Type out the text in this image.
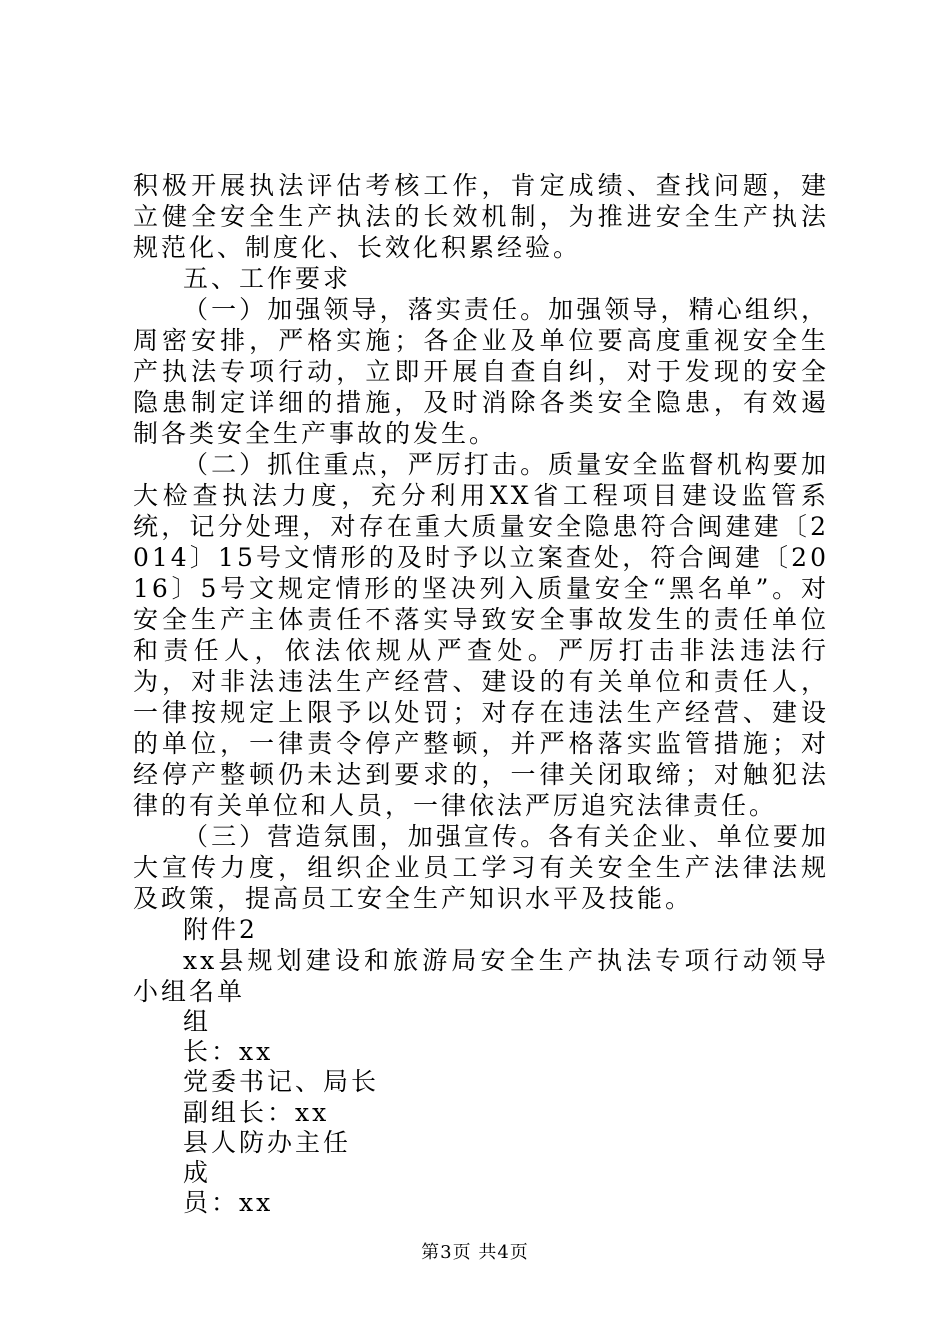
积极开展执法评估考核工作，肯定成绩、查找问题，建立健全安全生产执法的长效机制，为推进安全生产执法规范化、制度化、长效化积累经验。

五、工作要求

（一）加强领导，落实责任。加强领导，精心组织，周密安排，严格实施；各企业及单位要高度重视安全生产执法专项行动，立即开展自查自纠，对于发现的安全隐患制定详细的措施，及时消除各类安全隐患，有效遏制各类安全生产事故的发生。

（二）抓住重点，严厉打击。质量安全监督机构要加大检查执法力度，充分利用XX省工程项目建设监管系统，记分处理，对存在重大质量安全隐患符合闽建建〔2014〕15号文情形的及时予以立案查处，符合闽建〔2016〕5号文规定情形的坚决列入质量安全“黑名单”。对安全生产主体责任不落实导致安全事故发生的责任单位和责任人，依法依规从严查处。严厉打击非法违法行为，对非法违法生产经营、建设的有关单位和责任人，一律按规定上限予以处罚；对存在违法生产经营、建设的单位，一律责令停产整顿，并严格落实监管措施；对经停产整顿仍未达到要求的，一律关闭取缔；对触犯法律的有关单位和人员，一律依法严厉追究法律责任。

（三）营造氛围，加强宣传。各有关企业、单位要加大宣传力度，组织企业员工学习有关安全生产法律法规及政策，提高员工安全生产知识水平及技能。

附件2

xx县规划建设和旅游局安全生产执法专项行动领导小组名单

组

长：xx

党委书记、局长

副组长：xx

县人防办主任

成

员：xx

第3页 共4页
